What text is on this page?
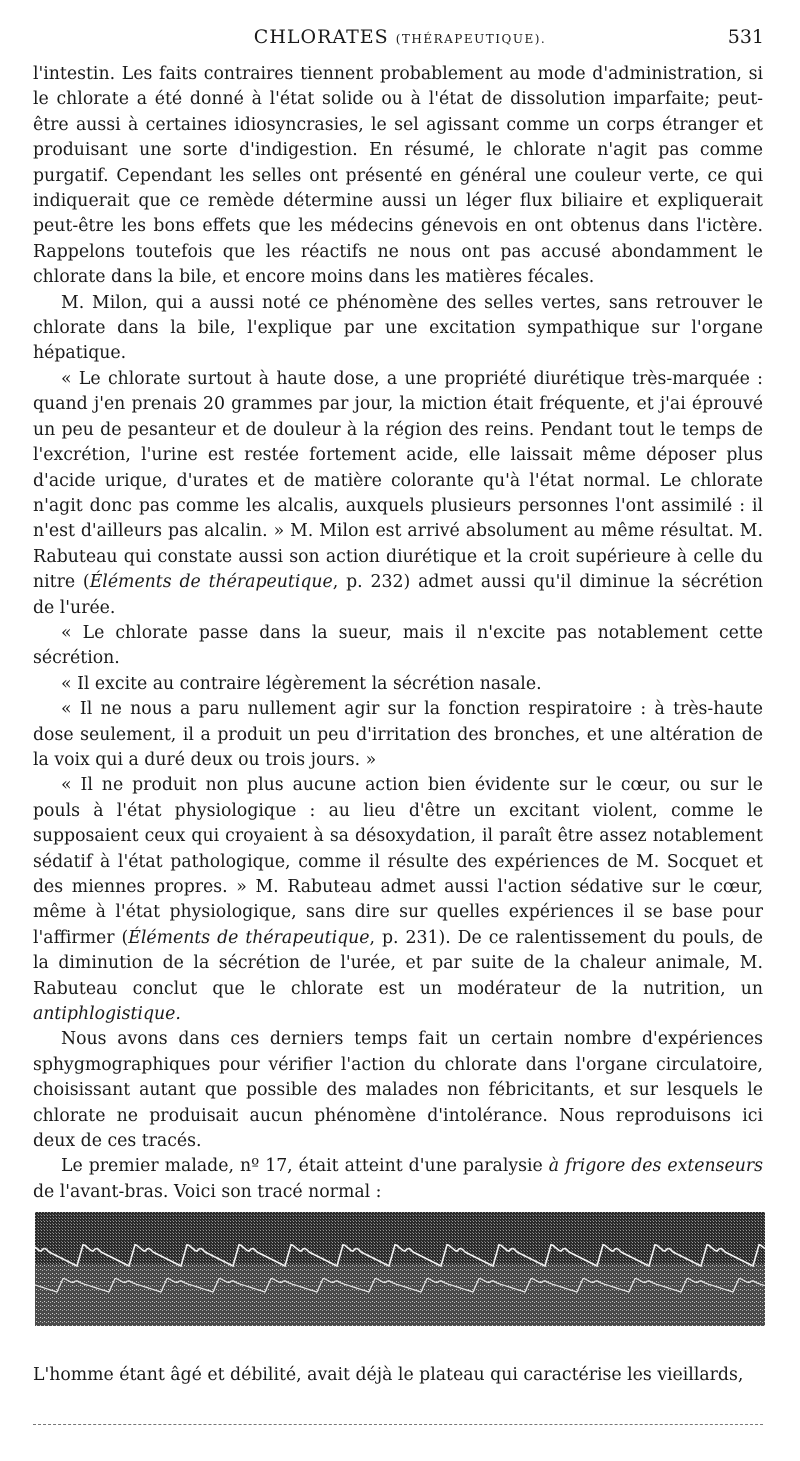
CHLORATES (THÉRAPEUTIQUE).	531

l'intestin. Les faits contraires tiennent probablement au mode d'administration, si le chlorate a été donné à l'état solide ou à l'état de dissolution imparfaite; peut-être aussi à certaines idiosyncrasies, le sel agissant comme un corps étranger et produisant une sorte d'indigestion. En résumé, le chlorate n'agit pas comme purgatif. Cependant les selles ont présenté en général une couleur verte, ce qui indiquerait que ce remède détermine aussi un léger flux biliaire et expliquerait peut-être les bons effets que les médecins génevois en ont obtenus dans l'ictère. Rappelons toutefois que les réactifs ne nous ont pas accusé abondamment le chlorate dans la bile, et encore moins dans les matières fécales.

M. Milon, qui a aussi noté ce phénomène des selles vertes, sans retrouver le chlorate dans la bile, l'explique par une excitation sympathique sur l'organe hépatique.

« Le chlorate surtout à haute dose, a une propriété diurétique très-marquée : quand j'en prenais 20 grammes par jour, la miction était fréquente, et j'ai éprouvé un peu de pesanteur et de douleur à la région des reins. Pendant tout le temps de l'excrétion, l'urine est restée fortement acide, elle laissait même déposer plus d'acide urique, d'urates et de matière colorante qu'à l'état normal. Le chlorate n'agit donc pas comme les alcalis, auxquels plusieurs personnes l'ont assimilé : il n'est d'ailleurs pas alcalin. » M. Milon est arrivé absolument au même résultat. M. Rabuteau qui constate aussi son action diurétique et la croit supérieure à celle du nitre (Éléments de thérapeutique, p. 232) admet aussi qu'il diminue la sécrétion de l'urée.

« Le chlorate passe dans la sueur, mais il n'excite pas notablement cette sécrétion.

« Il excite au contraire légèrement la sécrétion nasale.

« Il ne nous a paru nullement agir sur la fonction respiratoire : à très-haute dose seulement, il a produit un peu d'irritation des bronches, et une altération de la voix qui a duré deux ou trois jours. »

« Il ne produit non plus aucune action bien évidente sur le cœur, ou sur le pouls à l'état physiologique : au lieu d'être un excitant violent, comme le supposaient ceux qui croyaient à sa désoxydation, il paraît être assez notablement sédatif à l'état pathologique, comme il résulte des expériences de M. Socquet et des miennes propres. » M. Rabuteau admet aussi l'action sédative sur le cœur, même à l'état physiologique, sans dire sur quelles expériences il se base pour l'affirmer (Éléments de thérapeutique, p. 231). De ce ralentissement du pouls, de la diminution de la sécrétion de l'urée, et par suite de la chaleur animale, M. Rabuteau conclut que le chlorate est un modérateur de la nutrition, un antiphlogistique.

Nous avons dans ces derniers temps fait un certain nombre d'expériences sphygmographiques pour vérifier l'action du chlorate dans l'organe circulatoire, choisissant autant que possible des malades non fébricitants, et sur lesquels le chlorate ne produisait aucun phénomène d'intolérance. Nous reproduisons ici deux de ces tracés.

Le premier malade, nº 17, était atteint d'une paralysie à frigore des extenseurs de l'avant-bras. Voici son tracé normal :

L'homme étant âgé et débilité, avait déjà le plateau qui caractérise les vieillards,
